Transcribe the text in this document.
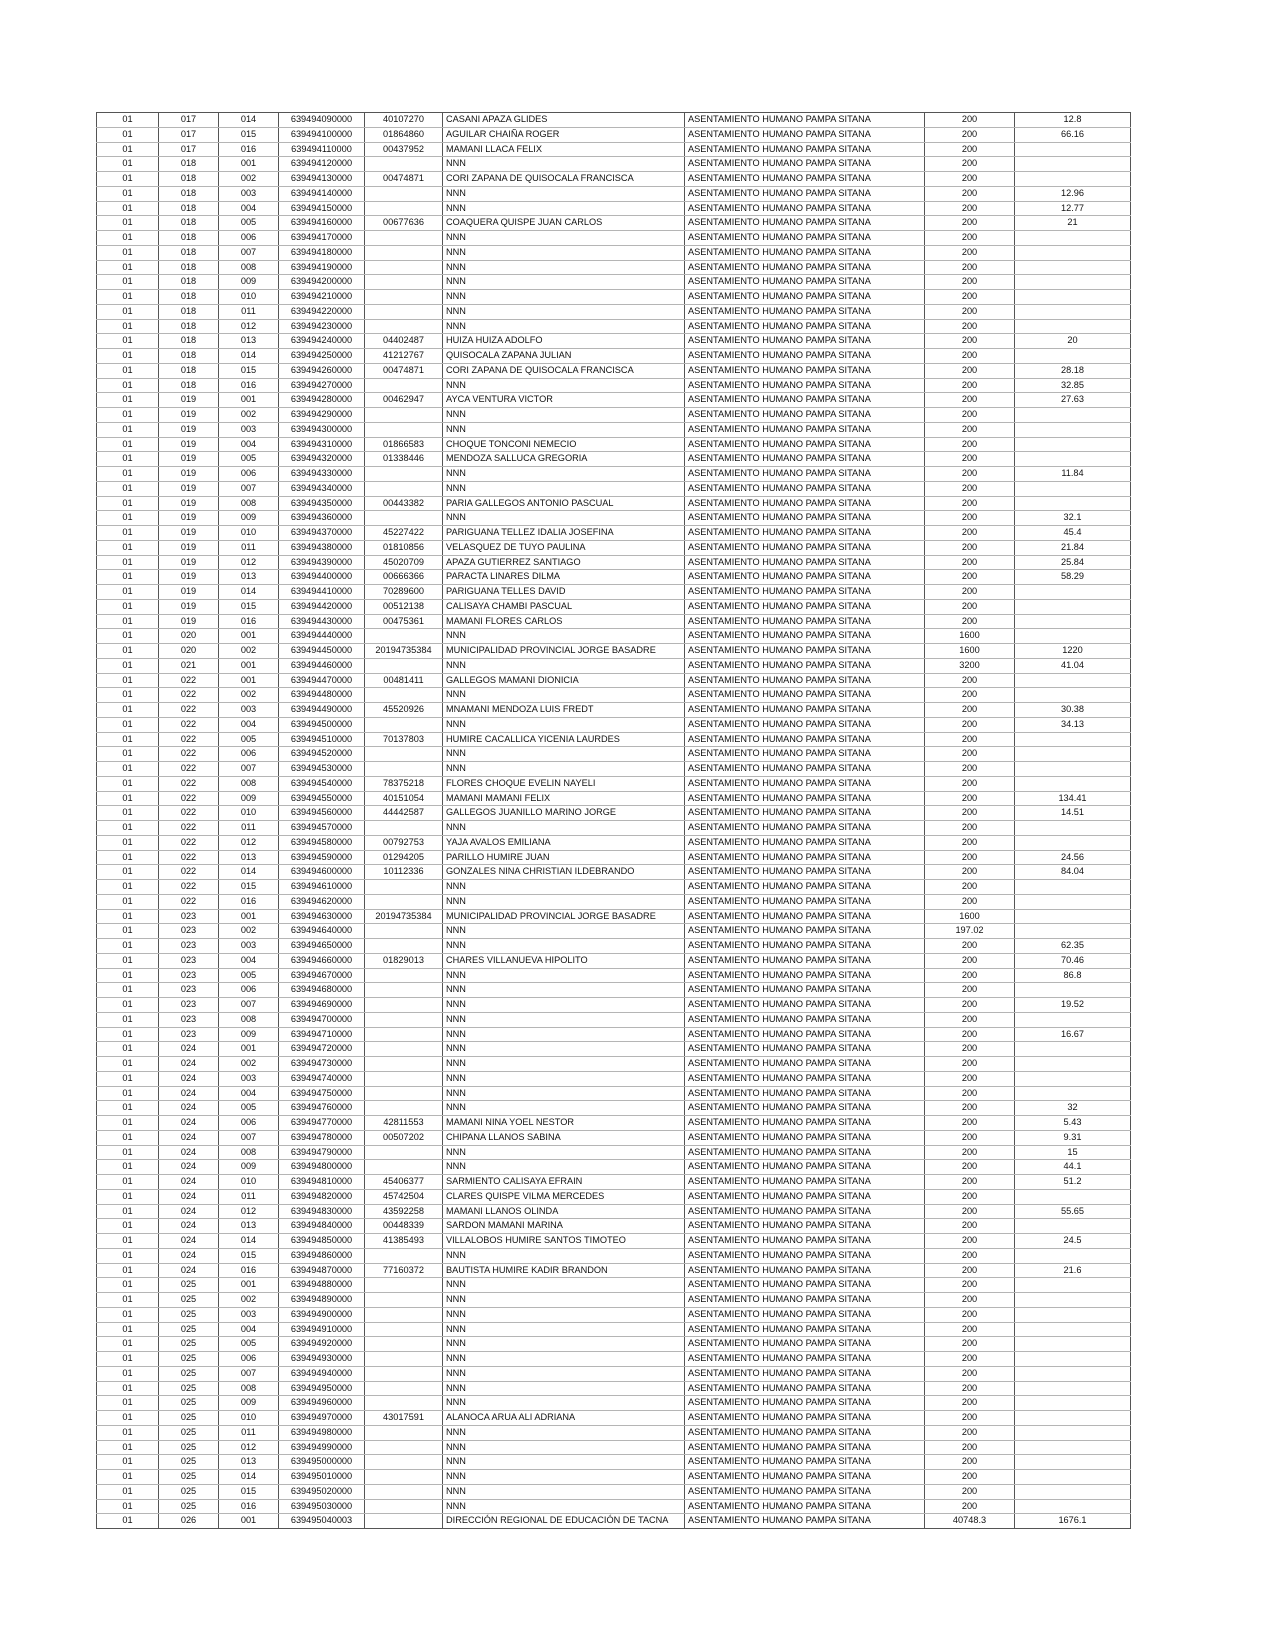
01	017	014	639494090000	40107270	CASANI APAZA GLIDES	ASENTAMIENTO HUMANO PAMPA SITANA	200	12.8
01	017	015	639494100000	01864860	AGUILAR CHAIÑA ROGER	ASENTAMIENTO HUMANO PAMPA SITANA	200	66.16
01	017	016	639494110000	00437952	MAMANI LLACA FELIX	ASENTAMIENTO HUMANO PAMPA SITANA	200	
01	018	001	639494120000		NNN	ASENTAMIENTO HUMANO PAMPA SITANA	200	
01	018	002	639494130000	00474871	CORI ZAPANA DE QUISOCALA FRANCISCA	ASENTAMIENTO HUMANO PAMPA SITANA	200	
01	018	003	639494140000		NNN	ASENTAMIENTO HUMANO PAMPA SITANA	200	12.96
01	018	004	639494150000		NNN	ASENTAMIENTO HUMANO PAMPA SITANA	200	12.77
01	018	005	639494160000	00677636	COAQUERA QUISPE JUAN CARLOS	ASENTAMIENTO HUMANO PAMPA SITANA	200	21
01	018	006	639494170000		NNN	ASENTAMIENTO HUMANO PAMPA SITANA	200	
01	018	007	639494180000		NNN	ASENTAMIENTO HUMANO PAMPA SITANA	200	
01	018	008	639494190000		NNN	ASENTAMIENTO HUMANO PAMPA SITANA	200	
01	018	009	639494200000		NNN	ASENTAMIENTO HUMANO PAMPA SITANA	200	
01	018	010	639494210000		NNN	ASENTAMIENTO HUMANO PAMPA SITANA	200	
01	018	011	639494220000		NNN	ASENTAMIENTO HUMANO PAMPA SITANA	200	
01	018	012	639494230000		NNN	ASENTAMIENTO HUMANO PAMPA SITANA	200	
01	018	013	639494240000	04402487	HUIZA HUIZA ADOLFO	ASENTAMIENTO HUMANO PAMPA SITANA	200	20
01	018	014	639494250000	41212767	QUISOCALA ZAPANA JULIAN	ASENTAMIENTO HUMANO PAMPA SITANA	200	
01	018	015	639494260000	00474871	CORI ZAPANA DE QUISOCALA FRANCISCA	ASENTAMIENTO HUMANO PAMPA SITANA	200	28.18
01	018	016	639494270000		NNN	ASENTAMIENTO HUMANO PAMPA SITANA	200	32.85
01	019	001	639494280000	00462947	AYCA VENTURA VICTOR	ASENTAMIENTO HUMANO PAMPA SITANA	200	27.63
01	019	002	639494290000		NNN	ASENTAMIENTO HUMANO PAMPA SITANA	200	
01	019	003	639494300000		NNN	ASENTAMIENTO HUMANO PAMPA SITANA	200	
01	019	004	639494310000	01866583	CHOQUE TONCONI NEMECIO	ASENTAMIENTO HUMANO PAMPA SITANA	200	
01	019	005	639494320000	01338446	MENDOZA SALLUCA GREGORIA	ASENTAMIENTO HUMANO PAMPA SITANA	200	
01	019	006	639494330000		NNN	ASENTAMIENTO HUMANO PAMPA SITANA	200	11.84
01	019	007	639494340000		NNN	ASENTAMIENTO HUMANO PAMPA SITANA	200	
01	019	008	639494350000	00443382	PARIA GALLEGOS ANTONIO PASCUAL	ASENTAMIENTO HUMANO PAMPA SITANA	200	
01	019	009	639494360000		NNN	ASENTAMIENTO HUMANO PAMPA SITANA	200	32.1
01	019	010	639494370000	45227422	PARIGUANA TELLEZ IDALIA JOSEFINA	ASENTAMIENTO HUMANO PAMPA SITANA	200	45.4
01	019	011	639494380000	01810856	VELASQUEZ DE TUYO PAULINA	ASENTAMIENTO HUMANO PAMPA SITANA	200	21.84
01	019	012	639494390000	45020709	APAZA GUTIERREZ SANTIAGO	ASENTAMIENTO HUMANO PAMPA SITANA	200	25.84
01	019	013	639494400000	00666366	PARACTA LINARES DILMA	ASENTAMIENTO HUMANO PAMPA SITANA	200	58.29
01	019	014	639494410000	70289600	PARIGUANA TELLES DAVID	ASENTAMIENTO HUMANO PAMPA SITANA	200	
01	019	015	639494420000	00512138	CALISAYA CHAMBI PASCUAL	ASENTAMIENTO HUMANO PAMPA SITANA	200	
01	019	016	639494430000	00475361	MAMANI FLORES CARLOS	ASENTAMIENTO HUMANO PAMPA SITANA	200	
01	020	001	639494440000		NNN	ASENTAMIENTO HUMANO PAMPA SITANA	1600	
01	020	002	639494450000	20194735384	MUNICIPALIDAD PROVINCIAL JORGE BASADRE	ASENTAMIENTO HUMANO PAMPA SITANA	1600	1220
01	021	001	639494460000		NNN	ASENTAMIENTO HUMANO PAMPA SITANA	3200	41.04
01	022	001	639494470000	00481411	GALLEGOS MAMANI DIONICIA	ASENTAMIENTO HUMANO PAMPA SITANA	200	
01	022	002	639494480000		NNN	ASENTAMIENTO HUMANO PAMPA SITANA	200	
01	022	003	639494490000	45520926	MNAMANI MENDOZA LUIS FREDT	ASENTAMIENTO HUMANO PAMPA SITANA	200	30.38
01	022	004	639494500000		NNN	ASENTAMIENTO HUMANO PAMPA SITANA	200	34.13
01	022	005	639494510000	70137803	HUMIRE CACALLICA YICENIA LAURDES	ASENTAMIENTO HUMANO PAMPA SITANA	200	
01	022	006	639494520000		NNN	ASENTAMIENTO HUMANO PAMPA SITANA	200	
01	022	007	639494530000		NNN	ASENTAMIENTO HUMANO PAMPA SITANA	200	
01	022	008	639494540000	78375218	FLORES CHOQUE EVELIN NAYELI	ASENTAMIENTO HUMANO PAMPA SITANA	200	
01	022	009	639494550000	40151054	MAMANI MAMANI FELIX	ASENTAMIENTO HUMANO PAMPA SITANA	200	134.41
01	022	010	639494560000	44442587	GALLEGOS JUANILLO MARINO JORGE	ASENTAMIENTO HUMANO PAMPA SITANA	200	14.51
01	022	011	639494570000		NNN	ASENTAMIENTO HUMANO PAMPA SITANA	200	
01	022	012	639494580000	00792753	YAJA AVALOS EMILIANA	ASENTAMIENTO HUMANO PAMPA SITANA	200	
01	022	013	639494590000	01294205	PARILLO HUMIRE JUAN	ASENTAMIENTO HUMANO PAMPA SITANA	200	24.56
01	022	014	639494600000	10112336	GONZALES NINA CHRISTIAN ILDEBRANDO	ASENTAMIENTO HUMANO PAMPA SITANA	200	84.04
01	022	015	639494610000		NNN	ASENTAMIENTO HUMANO PAMPA SITANA	200	
01	022	016	639494620000		NNN	ASENTAMIENTO HUMANO PAMPA SITANA	200	
01	023	001	639494630000	20194735384	MUNICIPALIDAD PROVINCIAL JORGE BASADRE	ASENTAMIENTO HUMANO PAMPA SITANA	1600	
01	023	002	639494640000		NNN	ASENTAMIENTO HUMANO PAMPA SITANA	197.02	
01	023	003	639494650000		NNN	ASENTAMIENTO HUMANO PAMPA SITANA	200	62.35
01	023	004	639494660000	01829013	CHARES VILLANUEVA HIPOLITO	ASENTAMIENTO HUMANO PAMPA SITANA	200	70.46
01	023	005	639494670000		NNN	ASENTAMIENTO HUMANO PAMPA SITANA	200	86.8
01	023	006	639494680000		NNN	ASENTAMIENTO HUMANO PAMPA SITANA	200	
01	023	007	639494690000		NNN	ASENTAMIENTO HUMANO PAMPA SITANA	200	19.52
01	023	008	639494700000		NNN	ASENTAMIENTO HUMANO PAMPA SITANA	200	
01	023	009	639494710000		NNN	ASENTAMIENTO HUMANO PAMPA SITANA	200	16.67
01	024	001	639494720000		NNN	ASENTAMIENTO HUMANO PAMPA SITANA	200	
01	024	002	639494730000		NNN	ASENTAMIENTO HUMANO PAMPA SITANA	200	
01	024	003	639494740000		NNN	ASENTAMIENTO HUMANO PAMPA SITANA	200	
01	024	004	639494750000		NNN	ASENTAMIENTO HUMANO PAMPA SITANA	200	
01	024	005	639494760000		NNN	ASENTAMIENTO HUMANO PAMPA SITANA	200	32
01	024	006	639494770000	42811553	MAMANI NINA YOEL NESTOR	ASENTAMIENTO HUMANO PAMPA SITANA	200	5.43
01	024	007	639494780000	00507202	CHIPANA LLANOS SABINA	ASENTAMIENTO HUMANO PAMPA SITANA	200	9.31
01	024	008	639494790000		NNN	ASENTAMIENTO HUMANO PAMPA SITANA	200	15
01	024	009	639494800000		NNN	ASENTAMIENTO HUMANO PAMPA SITANA	200	44.1
01	024	010	639494810000	45406377	SARMIENTO CALISAYA EFRAIN	ASENTAMIENTO HUMANO PAMPA SITANA	200	51.2
01	024	011	639494820000	45742504	CLARES QUISPE VILMA MERCEDES	ASENTAMIENTO HUMANO PAMPA SITANA	200	
01	024	012	639494830000	43592258	MAMANI LLANOS OLINDA	ASENTAMIENTO HUMANO PAMPA SITANA	200	55.65
01	024	013	639494840000	00448339	SARDON MAMANI MARINA	ASENTAMIENTO HUMANO PAMPA SITANA	200	
01	024	014	639494850000	41385493	VILLALOBOS HUMIRE SANTOS TIMOTEO	ASENTAMIENTO HUMANO PAMPA SITANA	200	24.5
01	024	015	639494860000		NNN	ASENTAMIENTO HUMANO PAMPA SITANA	200	
01	024	016	639494870000	77160372	BAUTISTA HUMIRE KADIR BRANDON	ASENTAMIENTO HUMANO PAMPA SITANA	200	21.6
01	025	001	639494880000		NNN	ASENTAMIENTO HUMANO PAMPA SITANA	200	
01	025	002	639494890000		NNN	ASENTAMIENTO HUMANO PAMPA SITANA	200	
01	025	003	639494900000		NNN	ASENTAMIENTO HUMANO PAMPA SITANA	200	
01	025	004	639494910000		NNN	ASENTAMIENTO HUMANO PAMPA SITANA	200	
01	025	005	639494920000		NNN	ASENTAMIENTO HUMANO PAMPA SITANA	200	
01	025	006	639494930000		NNN	ASENTAMIENTO HUMANO PAMPA SITANA	200	
01	025	007	639494940000		NNN	ASENTAMIENTO HUMANO PAMPA SITANA	200	
01	025	008	639494950000		NNN	ASENTAMIENTO HUMANO PAMPA SITANA	200	
01	025	009	639494960000		NNN	ASENTAMIENTO HUMANO PAMPA SITANA	200	
01	025	010	639494970000	43017591	ALANOCA ARUA ALI ADRIANA	ASENTAMIENTO HUMANO PAMPA SITANA	200	
01	025	011	639494980000		NNN	ASENTAMIENTO HUMANO PAMPA SITANA	200	
01	025	012	639494990000		NNN	ASENTAMIENTO HUMANO PAMPA SITANA	200	
01	025	013	639495000000		NNN	ASENTAMIENTO HUMANO PAMPA SITANA	200	
01	025	014	639495010000		NNN	ASENTAMIENTO HUMANO PAMPA SITANA	200	
01	025	015	639495020000		NNN	ASENTAMIENTO HUMANO PAMPA SITANA	200	
01	025	016	639495030000		NNN	ASENTAMIENTO HUMANO PAMPA SITANA	200	
01	026	001	639495040003		DIRECCIÓN REGIONAL DE EDUCACIÓN DE TACNA	ASENTAMIENTO HUMANO PAMPA SITANA	40748.3	1676.1
